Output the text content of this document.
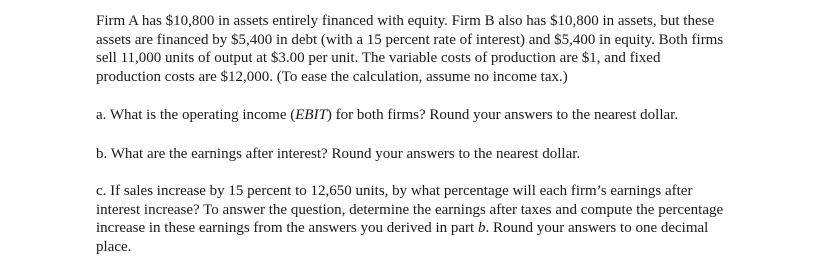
Firm A has $10,800 in assets entirely financed with equity. Firm B also has $10,800 in assets, but these
assets are financed by $5,400 in debt (with a 15 percent rate of interest) and $5,400 in equity. Both firms
sell 11,000 units of output at $3.00 per unit. The variable costs of production are $1, and fixed
production costs are $12,000. (To ease the calculation, assume no income tax.)
a. What is the operating income (EBIT) for both firms? Round your answers to the nearest dollar.
b. What are the earnings after interest? Round your answers to the nearest dollar.
c. If sales increase by 15 percent to 12,650 units, by what percentage will each firm’s earnings after
interest increase? To answer the question, determine the earnings after taxes and compute the percentage
increase in these earnings from the answers you derived in part b. Round your answers to one decimal
place.
